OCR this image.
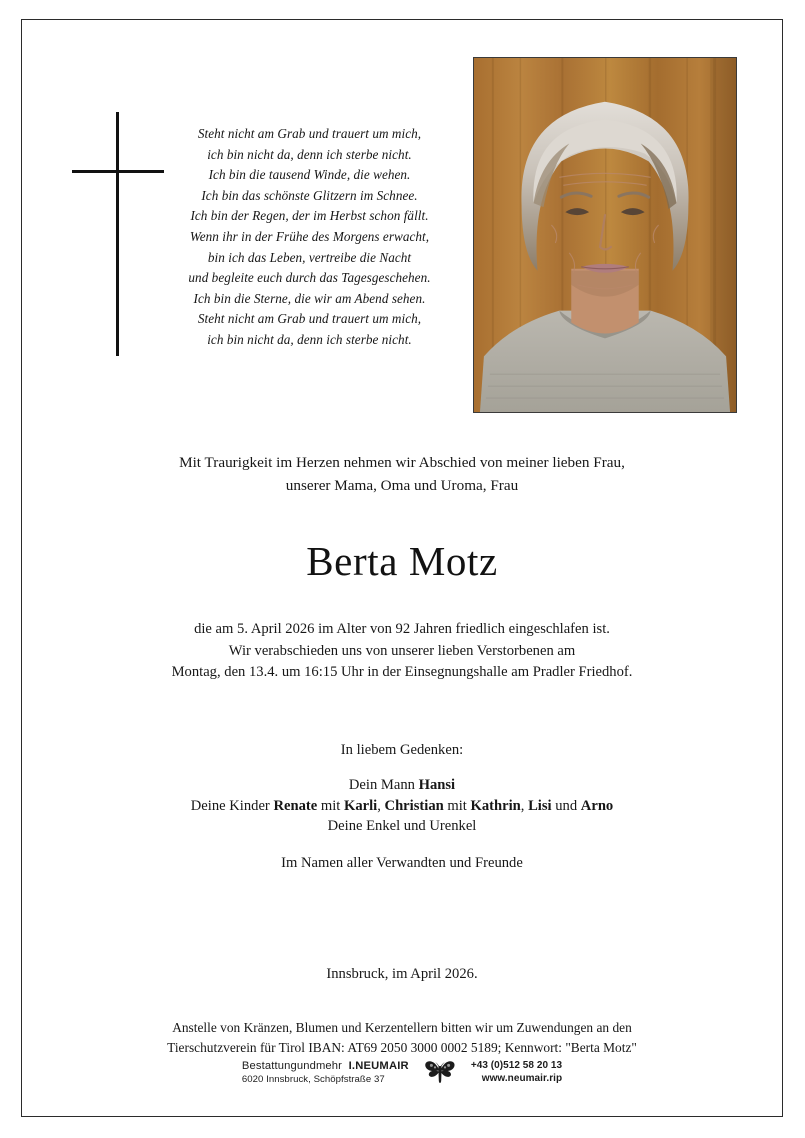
Steht nicht am Grab und trauert um mich,
ich bin nicht da, denn ich sterbe nicht.
Ich bin die tausend Winde, die wehen.
Ich bin das schönste Glitzern im Schnee.
Ich bin der Regen, der im Herbst schon fällt.
Wenn ihr in der Frühe des Morgens erwacht,
bin ich das Leben, vertreibe die Nacht
und begleite euch durch das Tagesgeschehen.
Ich bin die Sterne, die wir am Abend sehen.
Steht nicht am Grab und trauert um mich,
ich bin nicht da, denn ich sterbe nicht.
Mit Traurigkeit im Herzen nehmen wir Abschied von meiner lieben Frau,
unserer Mama, Oma und Uroma, Frau
Berta Motz
die am 5. April 2026 im Alter von 92 Jahren friedlich eingeschlafen ist.
Wir verabschieden uns von unserer lieben Verstorbenen am
Montag, den 13.4. um 16:15 Uhr in der Einsegnungshalle am Pradler Friedhof.
In liebem Gedenken:
Dein Mann Hansi
Deine Kinder Renate mit Karli, Christian mit Kathrin, Lisi und Arno
Deine Enkel und Urenkel
Im Namen aller Verwandten und Freunde
Innsbruck, im April 2026.
Anstelle von Kränzen, Blumen und Kerzentellern bitten wir um Zuwendungen an den
Tierschutzverein für Tirol IBAN: AT69 2050 3000 0002 5189; Kennwort: "Berta Motz"
Bestattungundmehr I.NEUMAIR
6020 Innsbruck, Schöpfstraße 37
+43 (0)512 58 20 13
www.neumair.rip
